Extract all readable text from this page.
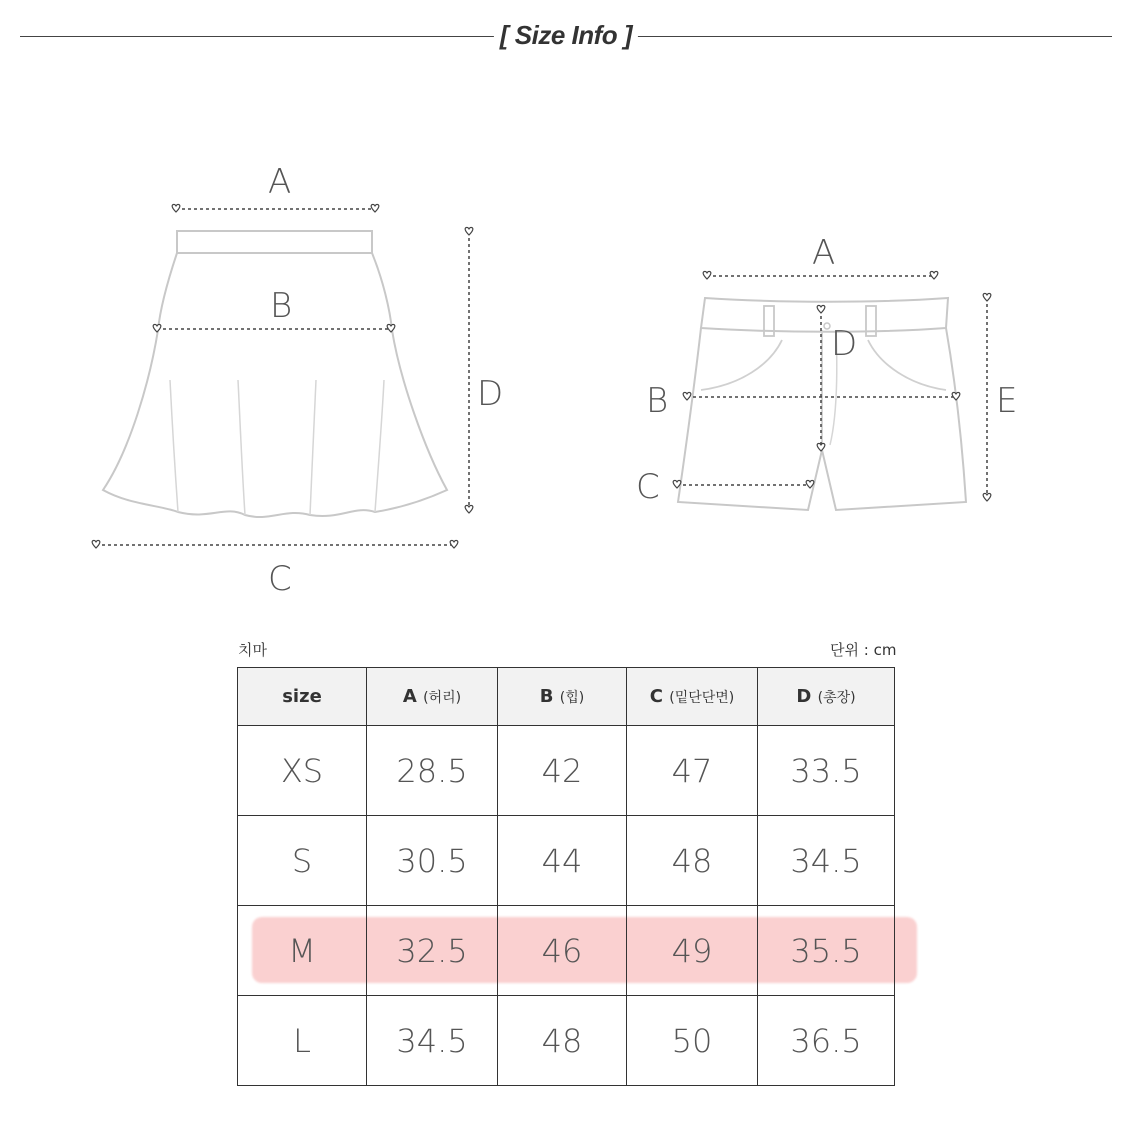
[ Size Info ]
A
B
C
D
A
B
C
D
E
치마	단위 : cm
size	A (허리)	B (힙)	C (밑단단면)	D (총장)
XS	28.5	42	47	33.5
S	30.5	44	48	34.5
M	32.5	46	49	35.5
L	34.5	48	50	36.5
